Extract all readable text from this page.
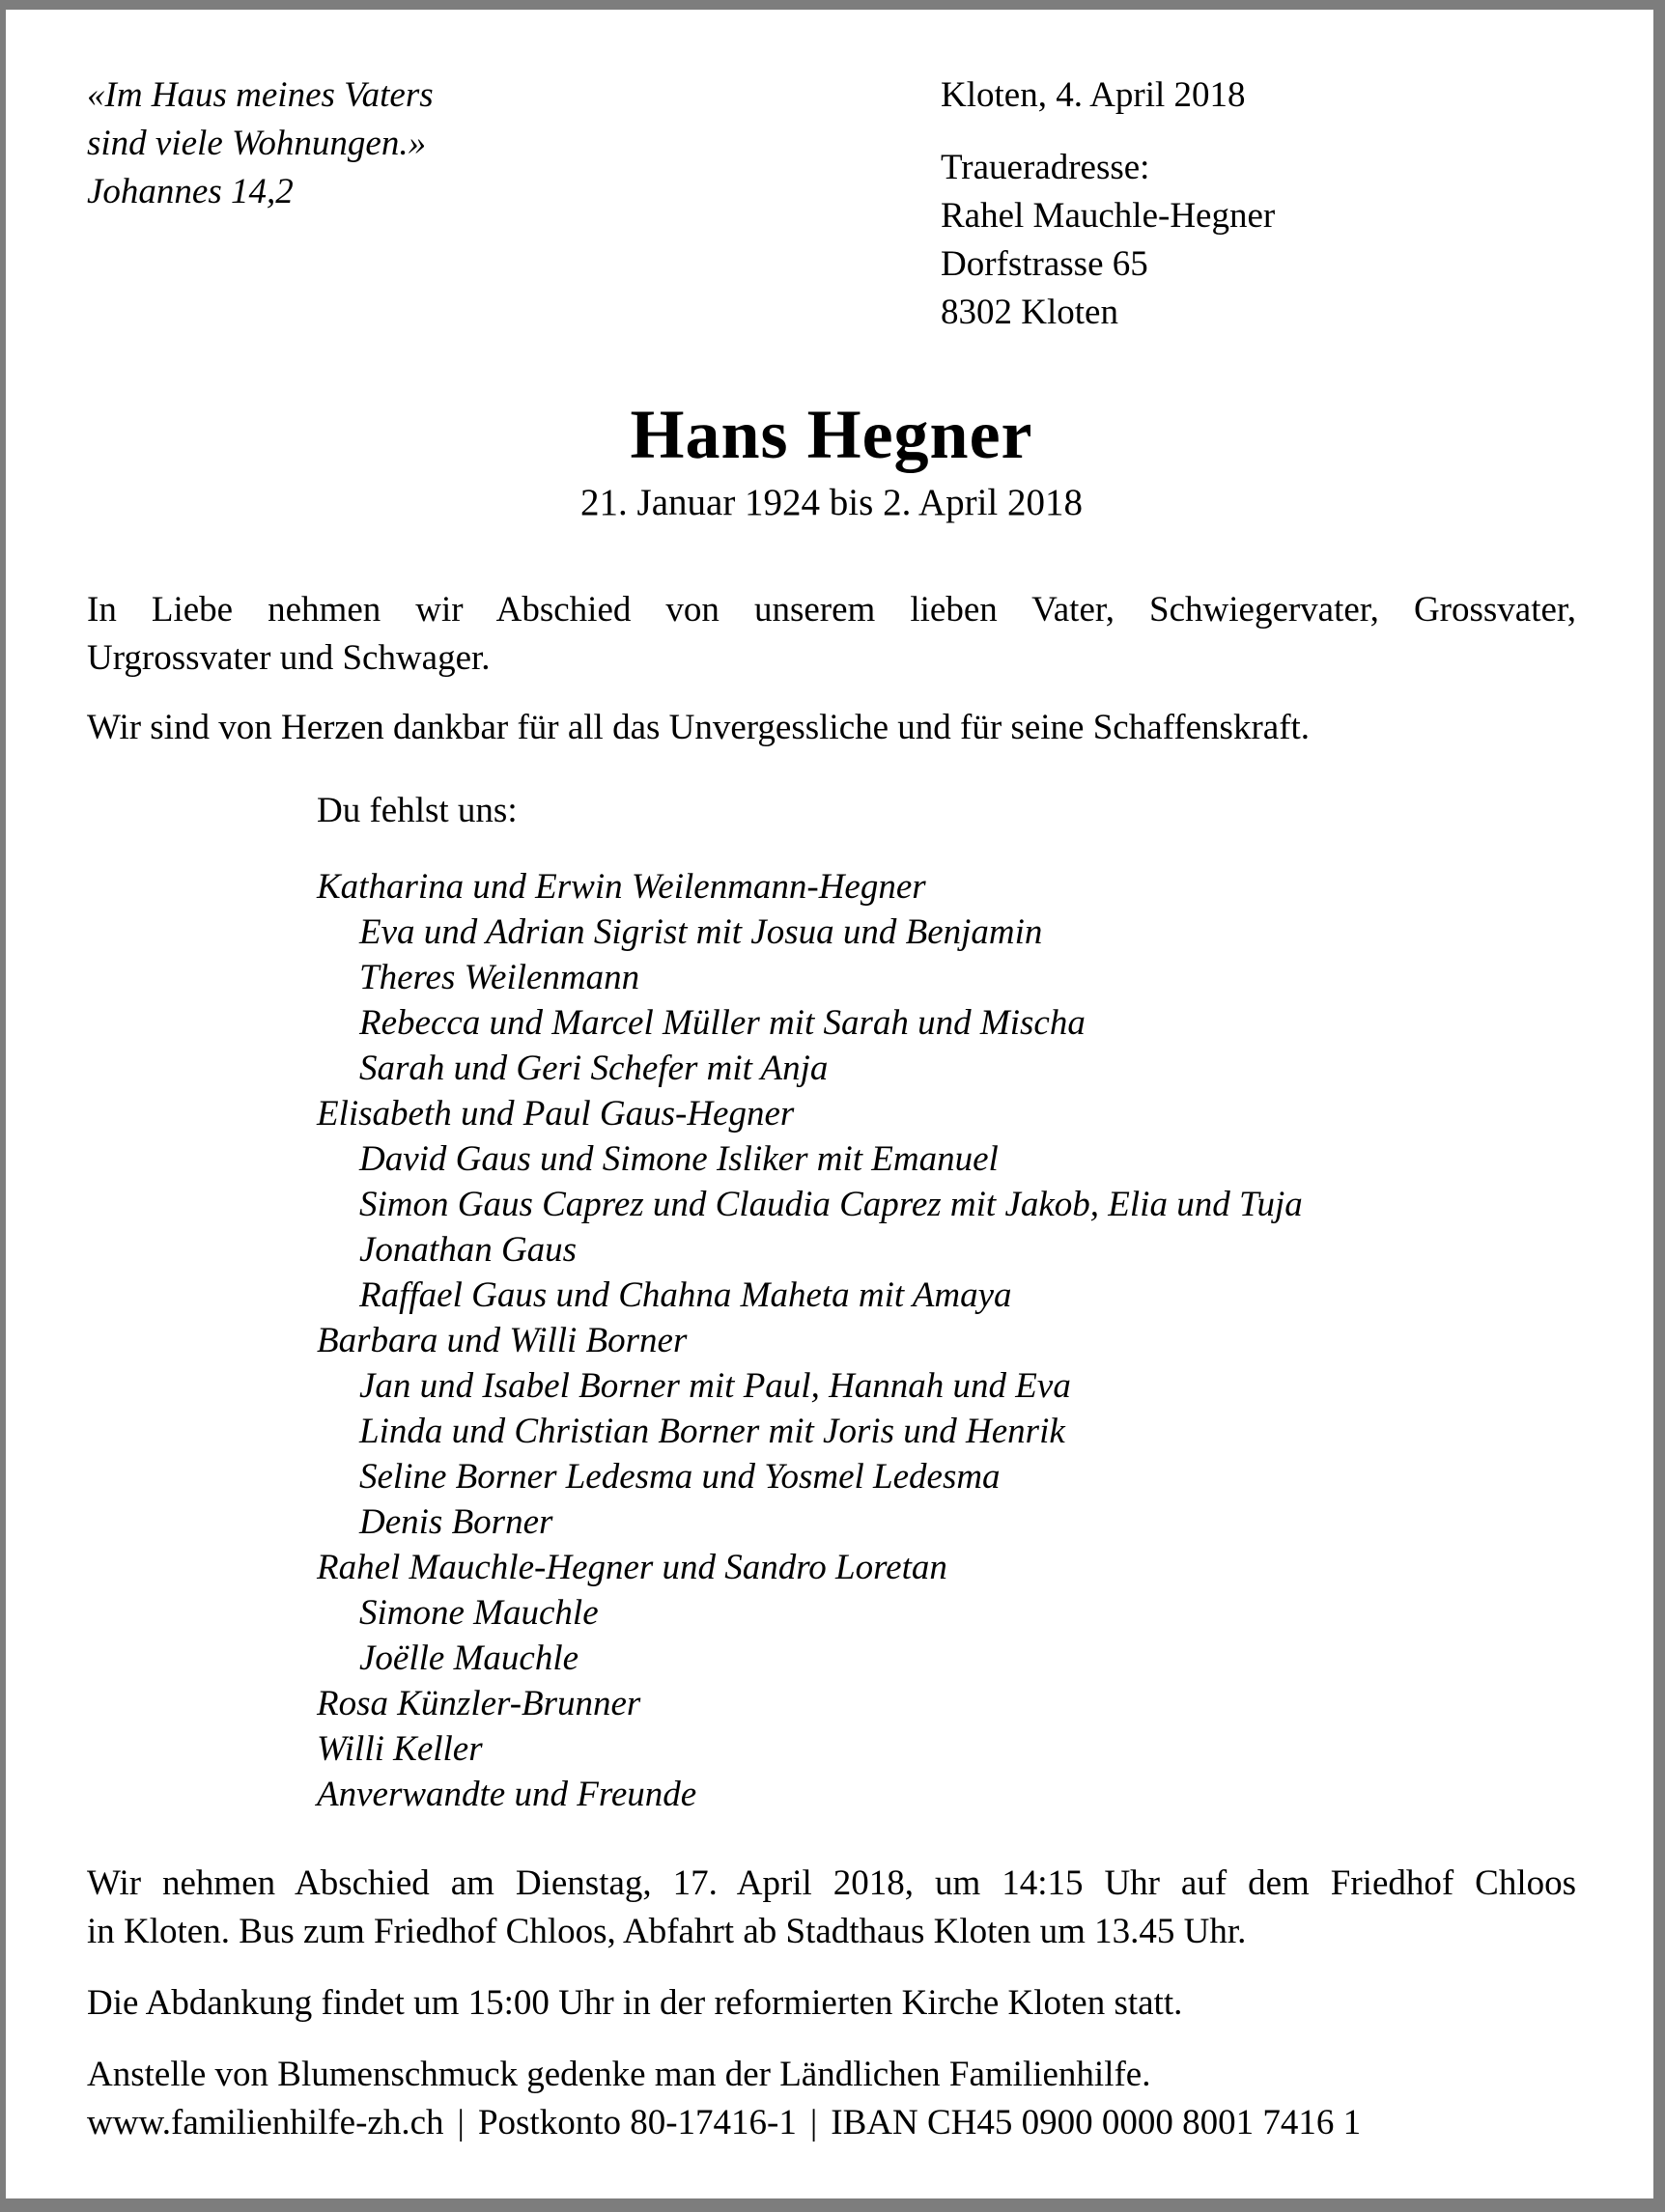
«Im Haus meines Vaters
sind viele Wohnungen.»
Johannes 14,2
Kloten, 4. April 2018
Traueradresse:
Rahel Mauchle-Hegner
Dorfstrasse 65
8302 Kloten
Hans Hegner
21. Januar 1924 bis 2. April 2018
In Liebe nehmen wir Abschied von unserem lieben Vater, Schwiegervater, Grossvater,
Urgrossvater und Schwager.
Wir sind von Herzen dankbar für all das Unvergessliche und für seine Schaffenskraft.
Du fehlst uns:
Katharina und Erwin Weilenmann-Hegner
Eva und Adrian Sigrist mit Josua und Benjamin
Theres Weilenmann
Rebecca und Marcel Müller mit Sarah und Mischa
Sarah und Geri Schefer mit Anja
Elisabeth und Paul Gaus-Hegner
David Gaus und Simone Isliker mit Emanuel
Simon Gaus Caprez und Claudia Caprez mit Jakob, Elia und Tuja
Jonathan Gaus
Raffael Gaus und Chahna Maheta mit Amaya
Barbara und Willi Borner
Jan und Isabel Borner mit Paul, Hannah und Eva
Linda und Christian Borner mit Joris und Henrik
Seline Borner Ledesma und Yosmel Ledesma
Denis Borner
Rahel Mauchle-Hegner und Sandro Loretan
Simone Mauchle
Joëlle Mauchle
Rosa Künzler-Brunner
Willi Keller
Anverwandte und Freunde
Wir nehmen Abschied am Dienstag, 17. April 2018, um 14:15 Uhr auf dem Friedhof Chloos
in Kloten. Bus zum Friedhof Chloos, Abfahrt ab Stadthaus Kloten um 13.45 Uhr.
Die Abdankung findet um 15:00 Uhr in der reformierten Kirche Kloten statt.
Anstelle von Blumenschmuck gedenke man der Ländlichen Familienhilfe.
www.familienhilfe-zh.ch | Postkonto 80-17416-1 | IBAN CH45 0900 0000 8001 7416 1
